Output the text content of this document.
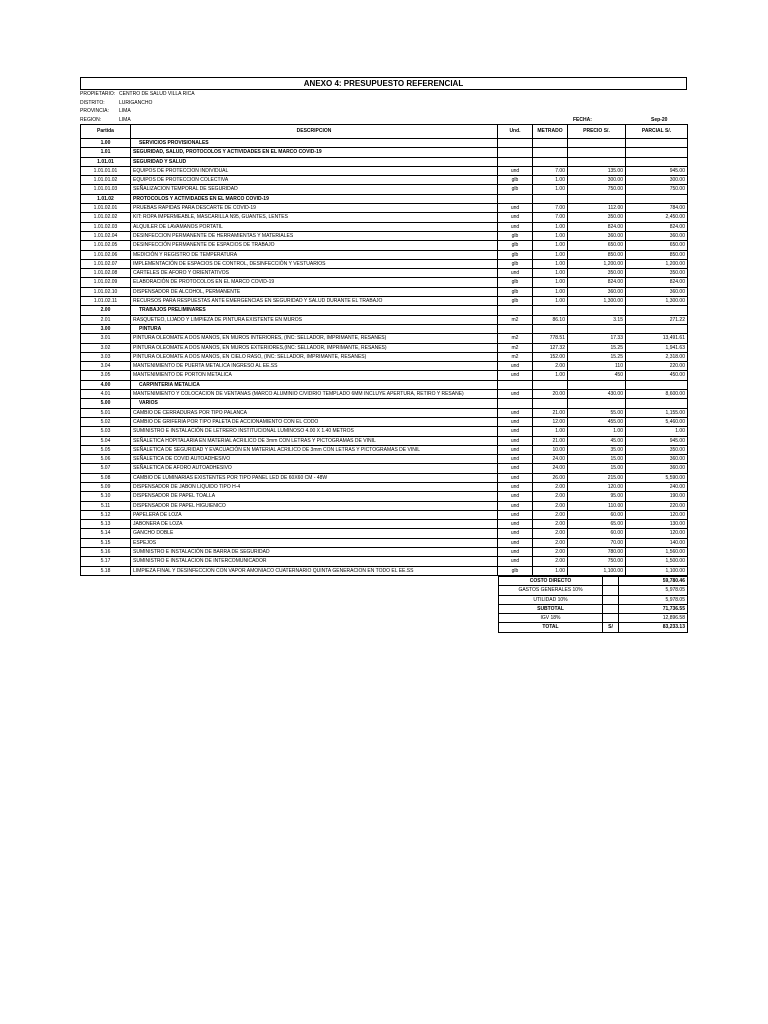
ANEXO 4: PRESUPUESTO REFERENCIAL
PROPIETARIO: CENTRO DE SALUD VILLA RICA
DISTRITO:	LURIGANCHO
PROVINCIA: LIMA
REGION:	LIMA	FECHA:	Sep-20
Partida	DESCRIPCION	Und.	METRADO	PRECIO S/.	PARCIAL S/.
1.00	SERVICIOS PROVISIONALES				
1.01	SEGURIDAD, SALUD, PROTOCOLOS Y ACTIVIDADES EN EL MARCO COVID-19				
1.01.01	SEGURIDAD Y SALUD				
1.01.01.01	EQUIPOS DE PROTECCION INDIVIDUAL	und	7.00	135.00	945.00
1.01.01.02	EQUIPOS DE PROTECCION COLECTIVA	glb	1.00	300.00	300.00
1.01.01.03	SEÑALIZACION TEMPORAL DE SEGURIDAD	glb	1.00	750.00	750.00
1.01.02	PROTOCOLOS Y ACTIVIDADES EN EL MARCO COVID-19				
1.01.02.01	PRUEBAS RAPIDAS PARA DESCARTE DE COVID-19	und	7.00	112.00	784.00
1.01.02.02	KIT: ROPA IMPERMEABLE, MASCARILLA N95, GUANTES, LENTES	und	7.00	350.00	2,450.00
1.01.02.03	ALQUILER DE LAVAMANOS PORTATIL	und	1.00	824.00	824.00
1.01.02.04	DESINFECCION PERMANENTE DE HERRAMIENTAS Y MATERIALES	glb	1.00	360.00	360.00
1.01.02.05	DESINFECCIÓN PERMANENTE DE ESPACIOS DE TRABAJO	glb	1.00	650.00	650.00
1.01.02.06	MEDICIÓN Y REGISTRO DE TEMPERATURA	glb	1.00	850.00	850.00
1.01.02.07	IMPLEMENTACIÓN DE ESPACIOS DE CONTROL, DESINFECCIÓN Y VESTUARIOS	glb	1.00	1,200.00	1,200.00
1.01.02.08	CARTELES DE AFORO Y ORIENTATIVOS	und	1.00	350.00	350.00
1.01.02.09	ELABORACIÓN DE PROTOCOLOS EN EL MARCO COVID-19	glb	1.00	824.00	824.00
1.01.02.10	DISPENSADOR DE ALCOHOL, PERMANENTE	glb	1.00	360.00	360.00
1.01.02.11	RECURSOS PARA RESPUESTAS ANTE EMERGENCIAS EN SEGURIDAD Y SALUD DURANTE EL TRABAJO	glb	1.00	1,300.00	1,300.00
2.00	TRABAJOS PRELIMINARES				
2.01	RASQUETEO, LIJADO Y LIMPIEZA DE PINTURA EXISTENTE EN MUROS	m2	86.10	3.15	271.22
3.00	PINTURA				
3.01	PINTURA OLEOMATE A DOS MANOS, EN MUROS INTERIORES, (INC: SELLADOR, IMPRIMANTE, RESANES)	m2	778.51	17.33	13,491.61
3.02	PINTURA OLEOMATE A DOS MANOS, EN MUROS EXTERIORES,(INC: SELLADOR, IMPRIMANTE, RESANES)	m2	127.32	15.25	1,941.63
3.03	PINTURA OLEOMATE A DOS MANOS, EN CIELO RASO, (INC: SELLADOR, IMPRIMANTE, RESANES)	m2	152.00	15.25	2,318.00
3.04	MANTENIMIENTO DE PUERTA METALICA INGRESO AL EE.SS	und	2.00	110	220.00
3.05	MANTENIMIENTO DE PORTON METALICA	und	1.00	450	450.00
4.00	CARPINTERIA METALICA				
4.01	MANTENIMIENTO Y COLOCACION DE VENTANAS (MARCO ALUMINIO C/VIDRIO TEMPLADO 6MM INCLUYE APERTURA, RETIRO Y RESANE)	und	20.00	430.00	8,600.00
5.00	VARIOS				
5.01	CAMBIO DE CERRADURAS POR TIPO PALANCA	und	21.00	55.00	1,155.00
5.02	CAMBIO DE GRIFERIA POR TIPO PALETA DE ACCIONAMIENTO CON EL CODO	und	12.00	455.00	5,460.00
5.03	SUMINISTRO E INSTALACIÓN DE LETRERO INSTITUCIONAL LUMINOSO 4.00 X 1.40 METROS	und	1.00	1.00	1.00
5.04	SEÑALETICA HOPITALARIA EN MATERIAL ACRILICO DE 3mm CON LETRAS Y PICTOGRAMAS DE VINIL	und	21.00	45.00	945.00
5.05	SEÑALETICA DE SEGURIDAD Y EVACUACIÓN EN MATERIAL ACRILICO DE 3mm CON LETRAS Y PICTOGRAMAS DE VINIL	und	10.00	35.00	350.00
5.06	SEÑALETICA DE COVID AUTOADHESIVO	und	24.00	15.00	360.00
5.07	SEÑALETICA DE AFORO AUTOADHESIVO	und	24.00	15.00	360.00
5.08	CAMBIO DE LUMINARIAS EXISTENTES POR TIPO PANEL LED DE 60X60 CM - 48W	und	26.00	215.00	5,590.00
5.09	DISPENSADOR DE JABON LIQUIDO TIPO H-4	und	2.00	120.00	240.00
5.10	DISPENSADOR DE PAPEL TOALLA	und	2.00	95.00	190.00
5.11	DISPENSADOR DE PAPEL HIGUIENICO	und	2.00	110.00	220.00
5.12	PAPELERA DE LOZA	und	2.00	60.00	120.00
5.13	JABONERA DE LOZA	und	2.00	65.00	130.00
5.14	GANCHO DOBLE	und	2.00	60.00	120.00
5.15	ESPEJOS	und	2.00	70.00	140.00
5.16	SUMINISTRO E INSTALACIÓN DE BARRA DE SEGURIDAD	und	2.00	780.00	1,560.00
5.17	SUMINISTRO E INSTALACION DE INTERCOMUNICADOR	und	2.00	750.00	1,500.00
5.18	LIMPIEZA FINAL Y DESINFECCION CON VAPOR AMONIACO CUATERNARIO QUINTA GENERACION EN TODO EL EE.SS	glb	1.00	1,100.00	1,100.00
COSTO DIRECTO		59,780.46
GASTOS GENERALES 10%		5,978.05
UTILIDAD 10%		5,978.05
SUBTOTAL		71,736.55
IGV 18%		12,896.58
TOTAL	S/	83,233.13
